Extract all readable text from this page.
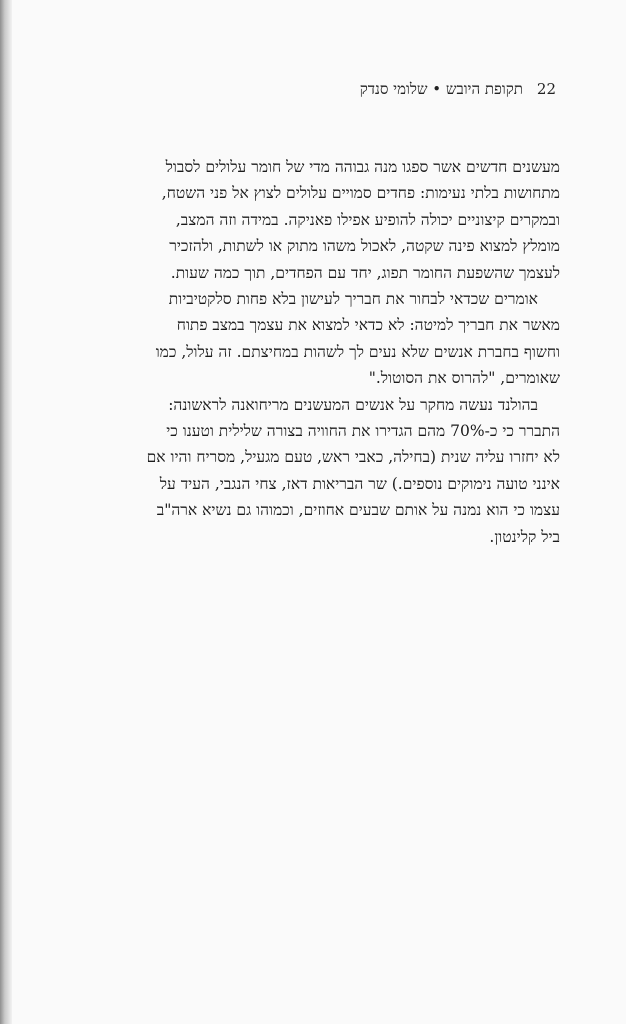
22תקופת היובש • שלומי סנדק
מעשנים חדשים אשר ספגו מנה גבוהה מדי של חומר עלולים לסבול
מתחושות בלתי נעימות: פחדים סמויים עלולים לצוץ אל פני השטח,
ובמקרים קיצוניים יכולה להופיע אפילו פאניקה. במידה וזה המצב,
מומלץ למצוא פינה שקטה, לאכול משהו מתוק או לשתות, ולהזכיר
לעצמך שהשפעת החומר תפוג, יחד עם הפחדים, תוך כמה שעות.
אומרים שכדאי לבחור את חבריך לעישון בלא פחות סלקטיביות
מאשר את חבריך למיטה: לא כדאי למצוא את עצמך במצב פתוח
וחשוף בחברת אנשים שלא נעים לך לשהות במחיצתם. זה עלול, כמו
שאומרים, "להרוס את הסוטול."
בהולנד נעשה מחקר על אנשים המעשנים מריחואנה לראשונה:
התברר כי כ-70% מהם הגדירו את החוויה בצורה שלילית וטענו כי
לא יחזרו עליה שנית (בחילה, כאבי ראש, טעם מגעיל, מסריח והיו אם
אינני טועה נימוקים נוספים.) שר הבריאות דאז, צחי הנגבי, העיד על
עצמו כי הוא נמנה על אותם שבעים אחוזים, וכמוהו גם נשיא ארה"ב
ביל קלינטון.
